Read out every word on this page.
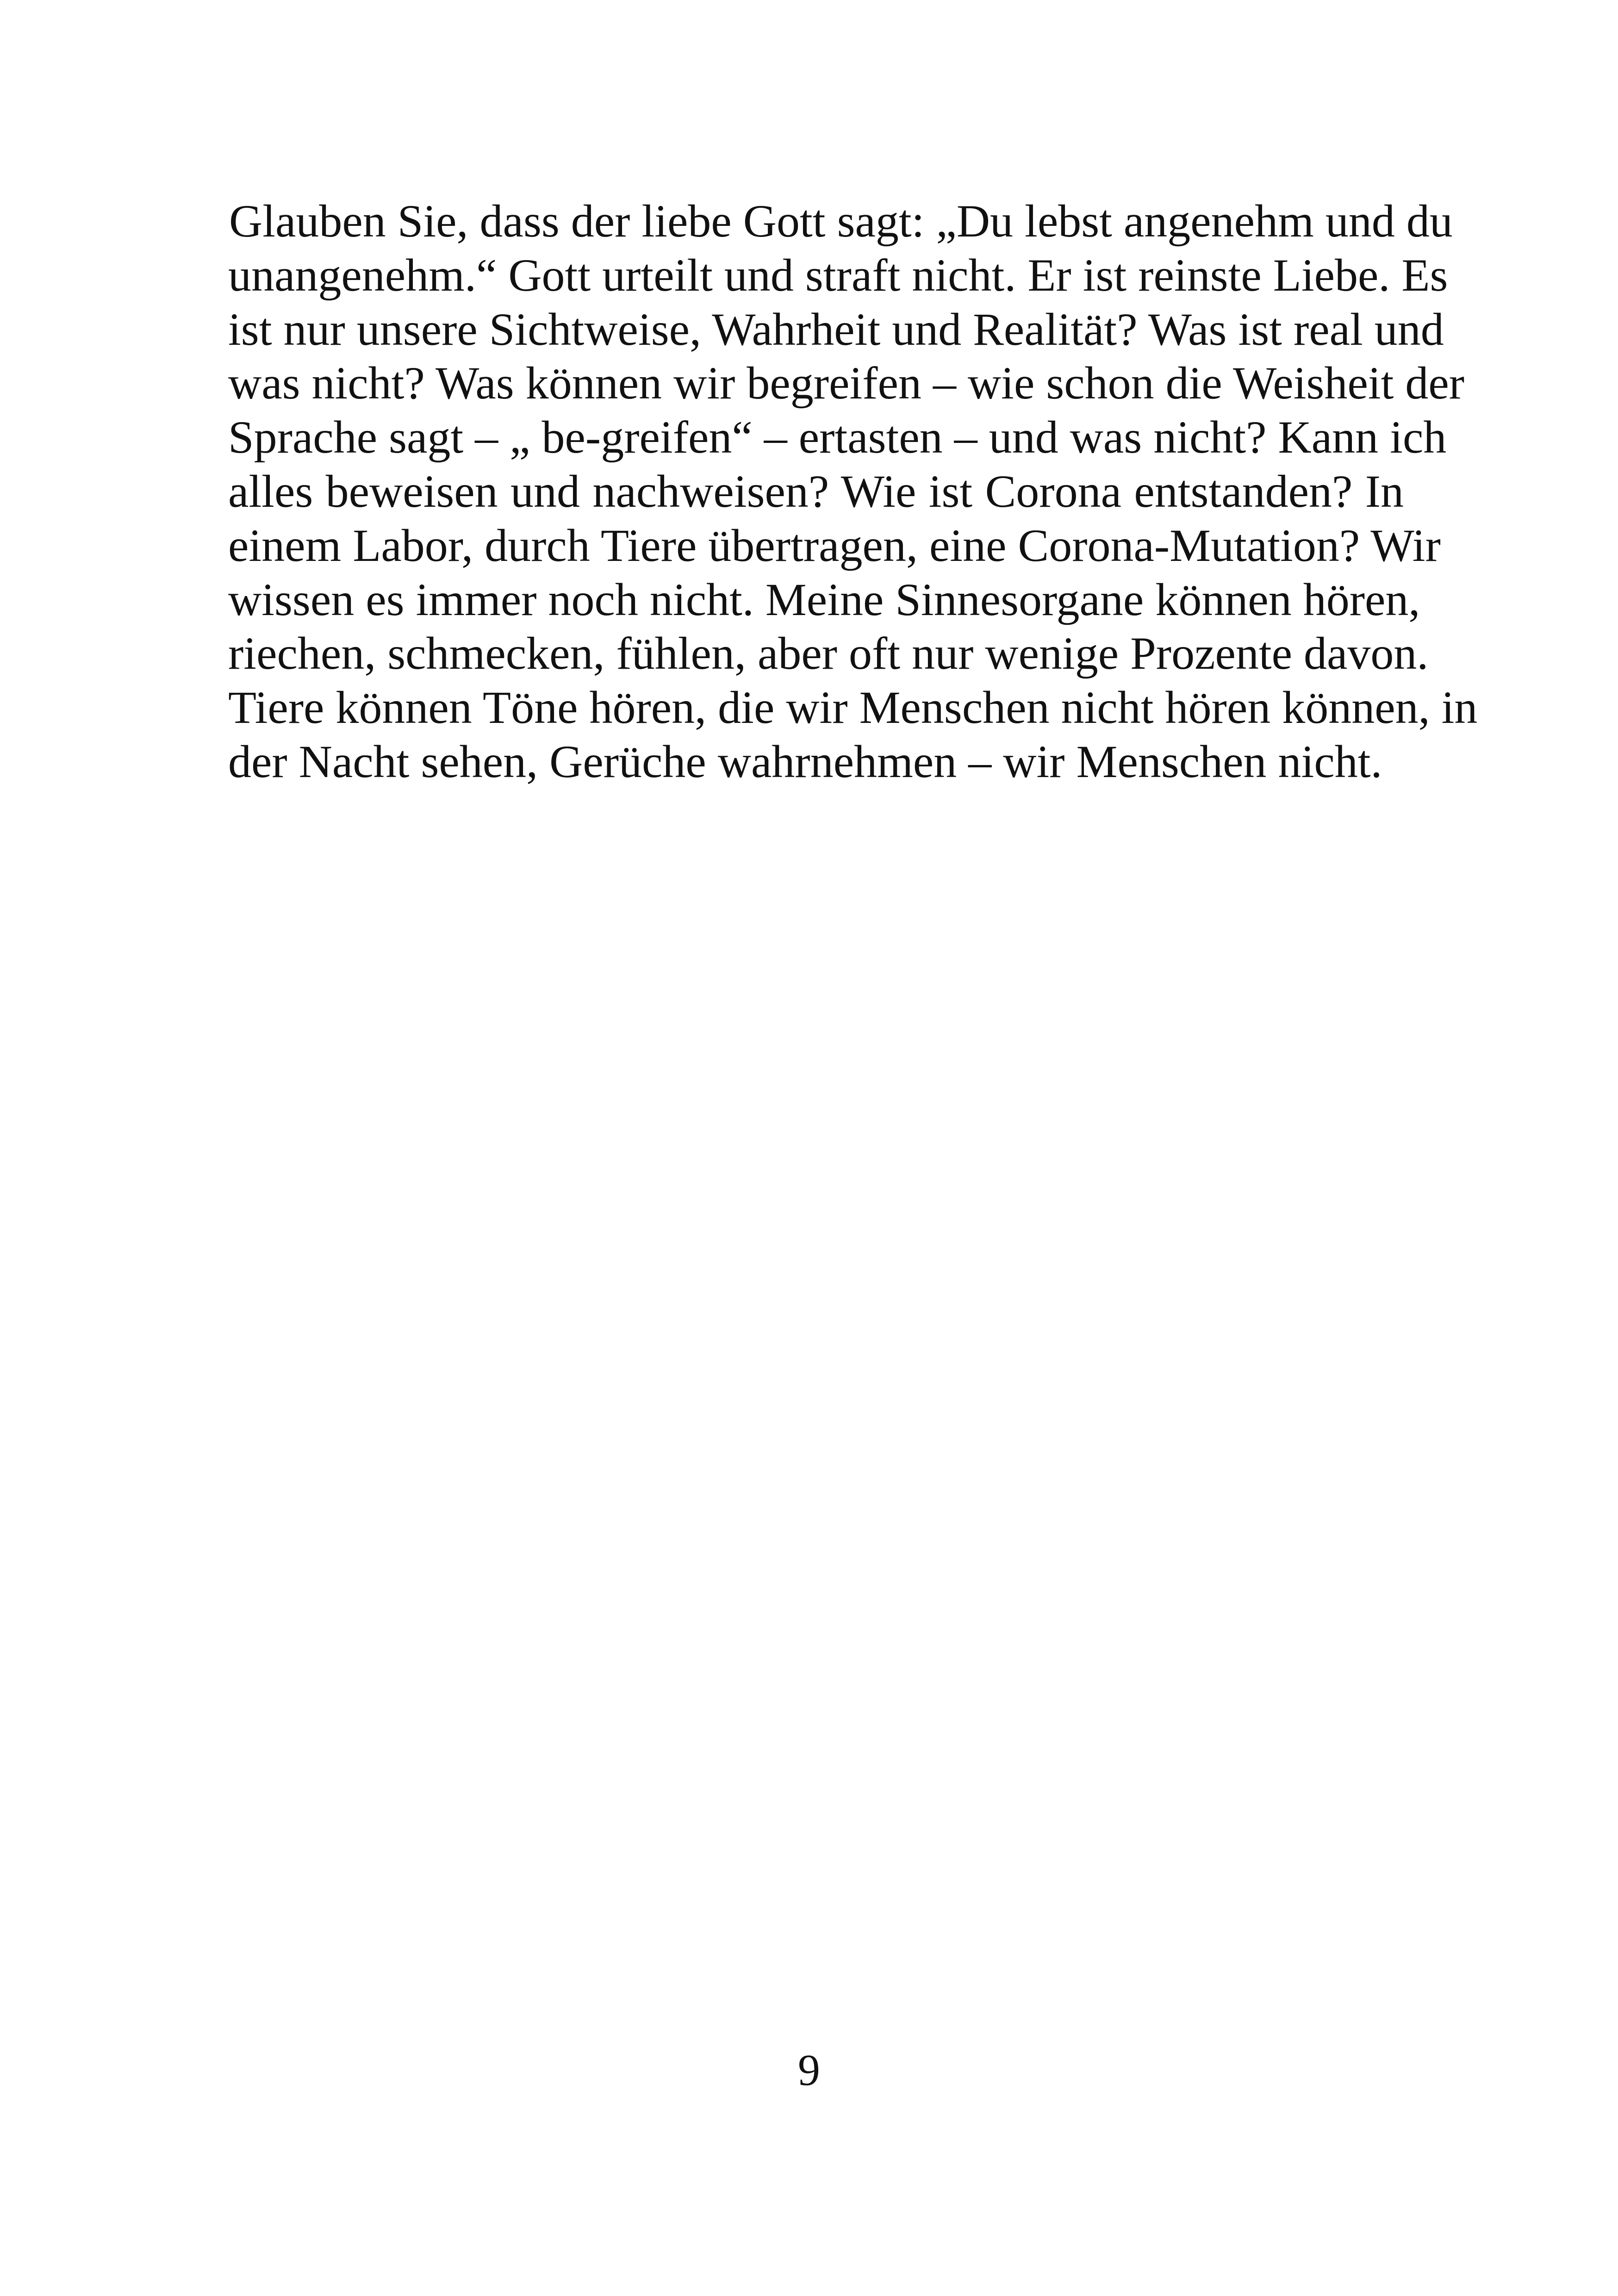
Glauben Sie, dass der liebe Gott sagt: „Du lebst angenehm und du
unangenehm.“ Gott urteilt und straft nicht. Er ist reinste Liebe. Es
ist nur unsere Sichtweise, Wahrheit und Realität? Was ist real und
was nicht? Was können wir begreifen – wie schon die Weisheit der
Sprache sagt – „ be-greifen“ – ertasten – und was nicht? Kann ich
alles beweisen und nachweisen? Wie ist Corona entstanden? In
einem Labor, durch Tiere übertragen, eine Corona-Mutation? Wir
wissen es immer noch nicht. Meine Sinnesorgane können hören,
riechen, schmecken, fühlen, aber oft nur wenige Prozente davon.
Tiere können Töne hören, die wir Menschen nicht hören können, in
der Nacht sehen, Gerüche wahrnehmen – wir Menschen nicht.
9
